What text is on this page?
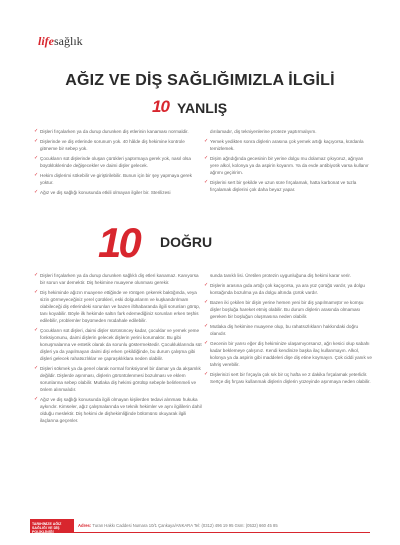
lifesağlık
AĞIZ VE DİŞ SAĞLIĞIMIZLA İLGİLİ
10 YANLIŞ
✓ Dişleri fırçalarken ya da durup durunken diş etlerinin kanaması normaldir.
✓ Dişlerinde ve diş etlerinde sorunum yok. 40 hâlde diş hekimine kontrole gitmeme bir sebep yok.
✓ Çocukların süt dişlerinde oluşan çürükleri yaptırmaya gerek yok, nasıl olsa büyüklüklerinde değişecekler ve daimi dişler gelecek.
✓ Hekim dişlerimi sökebilir ve giriştirilebilir. Bunun için bir şey yapmaya gerek yoktur.
✓ Ağız ve diş sağlığı konusunda etkili olmayan ilgiler bir. Sterilizesi
dırılamadır, diş tekniyenlerine proteze yaptırmalıyım.
✓ Yemek yedikten sonra dişlerin arasına çok yemek artığı kaçıyorsa, kürdanla temizlemek.
✓ Dişim ağrıdığında gecesinin bir yerine dolgu mu dolamaz çıkıyoruz, ağrıyan yere alkol, kolonya ya da aspirin koyarım. Ya da evde antibiyotik varsa kullanır ağrımı geçiririm.
✓ Dişlerini sert bir şekilde ve uzun süre fırçalamak, hatta karbonat ve tuzla fırçalamak dişlerini çok daha beyaz yapar.
10 DOĞRU
✓ Dişleri fırçalarken ya da durup durunken sağlıklı diş etleri kanamaz. Kanıyorsa bir sorun var demektir. Diş hekimine muayene olunması gerekir.
✓ Diş hekiminde ağızın muayene ettiğinde ve röntgen çekerek baktığında, veya sizin görmeyeceğiniz yerel çürükleri, eski dolgunlarım ve kuşkandırılmam olabileceği diş etlerindeki sorunları ve bazen iltihabaranda ilgili sorunları görüp, tanı koyabilir. Böyle ilk hekimde saltın fark edemediğiniz sorunları erken teşhis edilebilir, problemler büyümeden müdahale edilebilir.
✓ Çocukların süt dişleri, daimi dişler sürününcey kadar, çocuklar ve yemek yeme fonksiyonunu, daimi dişlerin gelecek dişlerin yerini korumaktır. Bu gibi konuşmalarına ve estetik olarak da sorunlu göstermektedir. Çocukluklarında süt dişleri ya da yapılmayan daimi dişi erken çekildiğinde, bu durum çalışma gibi dişleri gelecek rahatsızlıklar ve çapraşıklıklara neden olabilir.
✓ Dişleri sökmek ya da genel olarak normal fonksiyonel bir damar ya da akşamlık değildir. Dişlerde aşınması, dişlerin görüntülenmesi bozulması ve eklem sorunlarına sebep olabilir. Mutlaka diş hekimi görülüp sebeple belirlenmeli ve önlem alınmalıdır.
✓ Ağız ve diş sağlığı konusunda ilgili olmayan kişilerden tedavi alınması hukuka aykırıdır. Kimseler, ağız çalışmalarında ve teknik hekimler ve aynı ilgililerin dahil olduğu meslektir. Diş hekimi de dişhekimliğinde bölümünü okuyarak ilgili ilaçlarına geçenler.
sunda tanıklı lisi. Üretilen protezin uygunluğuna diş hekimi karar verir.
✓ Dişlerin arasına gıda artığı çok kaçıyorsa, ya ara yüz çürüğü vardır, ya dolgu kontağında bozulma ya da dolgu altında çürük vardır.
✓ Bazen iki çekilen bir dişin yerine hemen yeni bir diş yapılmamıştır ve komşu dişler boşluğa hareket etmiş olabilir. Bu durum dişlerin arasında olmaması gereken bir boşluğun oluşmasına neden olabilir.
✓ Mutlaka diş hekimine muayene olup, bu rahatsızlıkların hakkındaki doğru olanıdır.
✓ Gecenin bir yarısı eğer diş hekiminize ulaşamıyorsanız, ağrı kesici olup sabahı kadar beklemeye çalışınız. Kendi kendinize başka ilaç kullanmayın. Alkol, kolonya ya da aspirin gibi maddeleri dişe diş etine koymayın. Çok ciddi yanık ve tahriş verebilir.
✓ Dişlerinizi sert bir fırçayla çok sık bir üç hafta ve 2 dakika fırçalamak yeterlidir. Sertçe diş fırçası kullanmak dişlerin dişlerin yüzeyinde aşınmaya neden olabilir.
TARIHİNİZE AĞIZ SAĞLIĞI VE DİŞ POLİKLİNİĞİ
Adres: Turan Hakkı Caddesi Numara 10/1 Çankaya/ANKARA Tel: (0312) 496 19 95 Gsm: (0532) 660 45 85
